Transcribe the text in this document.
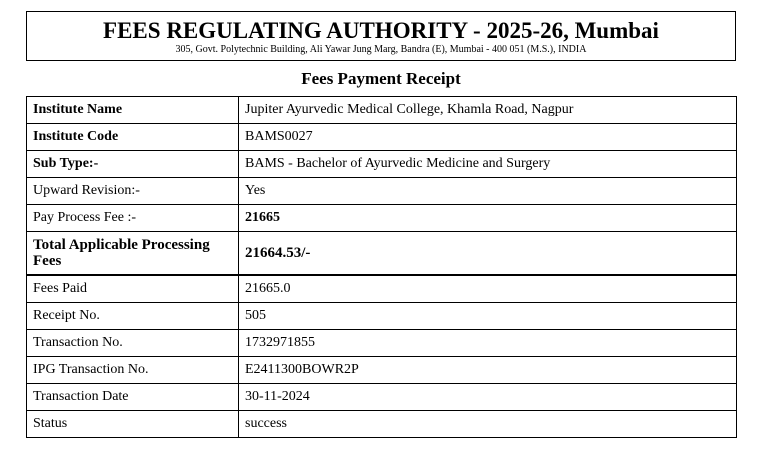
FEES REGULATING AUTHORITY - 2025-26, Mumbai
305, Govt. Polytechnic Building, Ali Yawar Jung Marg, Bandra (E), Mumbai - 400 051 (M.S.), INDIA
Fees Payment Receipt
Institute Name	Jupiter Ayurvedic Medical College, Khamla Road, Nagpur
Institute Code	BAMS0027
Sub Type:-	BAMS - Bachelor of Ayurvedic Medicine and Surgery
Upward Revision:-	Yes
Pay Process Fee :-	21665
Total Applicable Processing Fees	21664.53/-
Fees Paid	21665.0
Receipt No.	505
Transaction No.	1732971855
IPG Transaction No.	E2411300BOWR2P
Transaction Date	30-11-2024
Status	success
